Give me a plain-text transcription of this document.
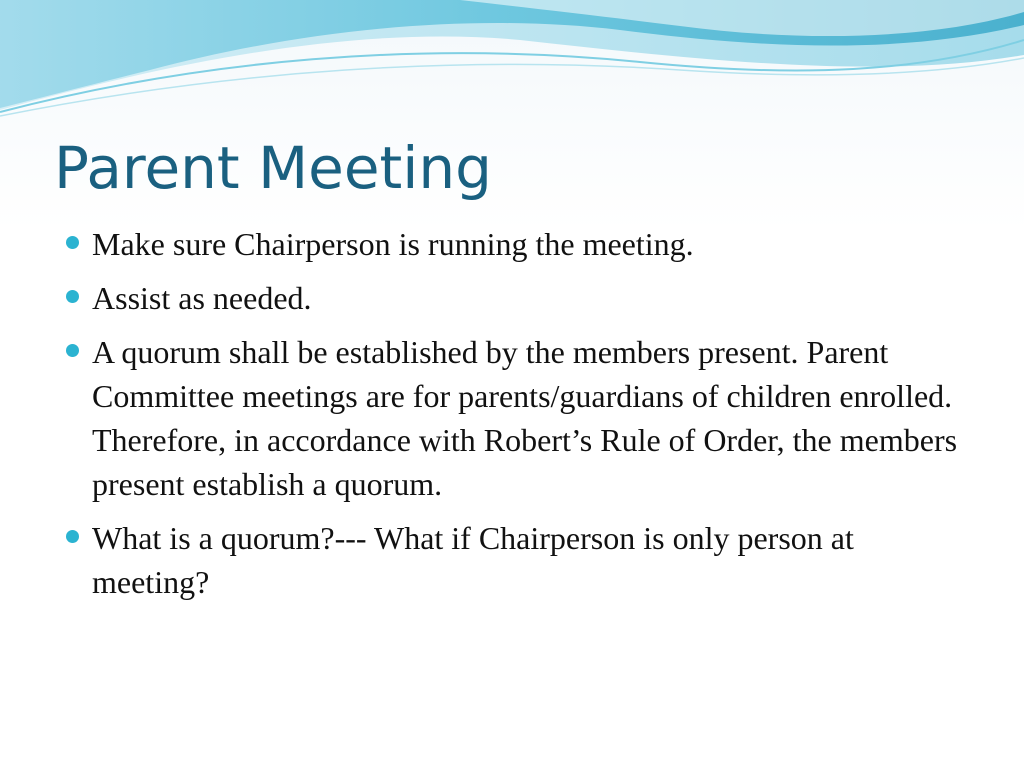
Parent Meeting
Make sure Chairperson is running the meeting.
Assist as needed.
A quorum shall be established by the members present. Parent Committee meetings are for parents/guardians of children enrolled. Therefore, in accordance with Robert’s Rule of Order, the members present establish a quorum.
What is a quorum?--- What if Chairperson is only person at meeting?
